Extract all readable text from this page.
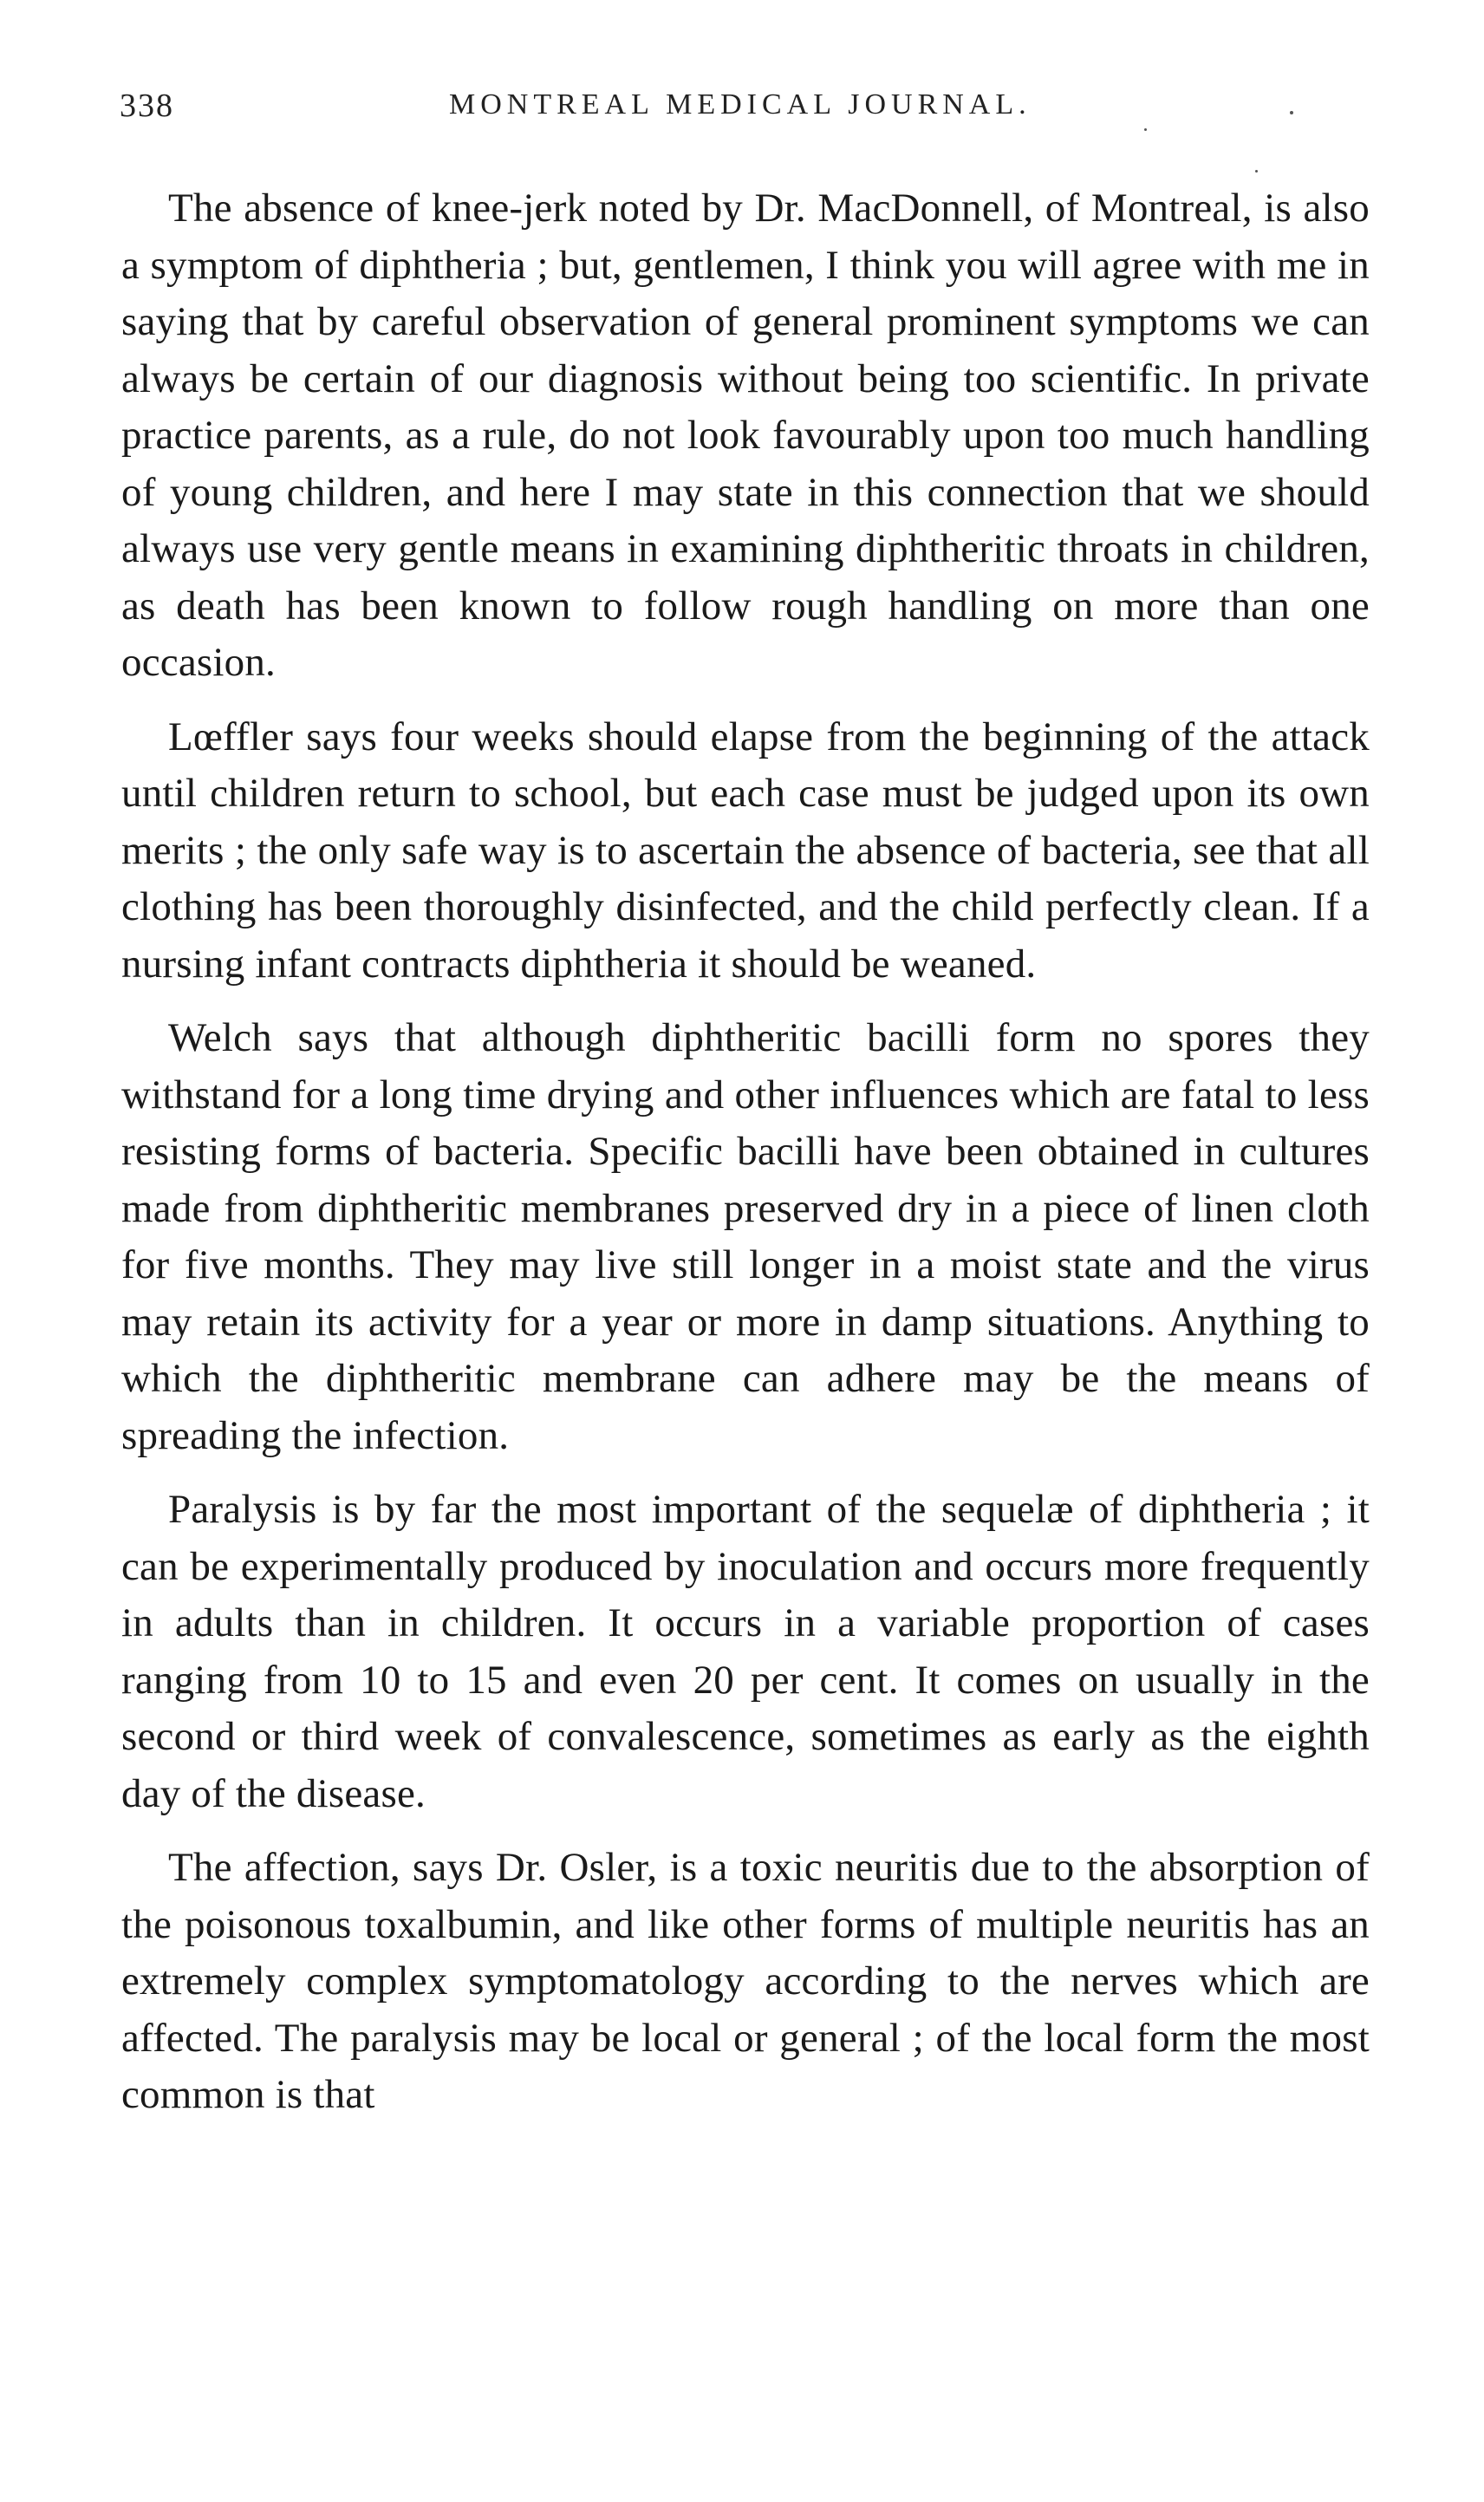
338	MONTREAL MEDICAL JOURNAL.

The absence of knee-jerk noted by Dr. MacDonnell, of Montreal, is also a symptom of diphtheria ; but, gentlemen, I think you will agree with me in saying that by careful observation of general prominent symptoms we can always be certain of our diagnosis without being too scientific. In private practice parents, as a rule, do not look favourably upon too much handling of young children, and here I may state in this connection that we should always use very gentle means in examining diphtheritic throats in children, as death has been known to follow rough handling on more than one occasion.

Lœffler says four weeks should elapse from the beginning of the attack until children return to school, but each case must be judged upon its own merits ; the only safe way is to ascertain the absence of bacteria, see that all clothing has been thoroughly disinfected, and the child perfectly clean. If a nursing infant contracts diphtheria it should be weaned.

Welch says that although diphtheritic bacilli form no spores they withstand for a long time drying and other influences which are fatal to less resisting forms of bacteria. Specific bacilli have been obtained in cultures made from diphtheritic membranes preserved dry in a piece of linen cloth for five months. They may live still longer in a moist state and the virus may retain its activity for a year or more in damp situations. Anything to which the diphtheritic membrane can adhere may be the means of spreading the infection.

Paralysis is by far the most important of the sequelæ of diphtheria ; it can be experimentally produced by inoculation and occurs more frequently in adults than in children. It occurs in a variable proportion of cases ranging from 10 to 15 and even 20 per cent. It comes on usually in the second or third week of convalescence, sometimes as early as the eighth day of the disease.

The affection, says Dr. Osler, is a toxic neuritis due to the absorption of the poisonous toxalbumin, and like other forms of multiple neuritis has an extremely complex symptomatology according to the nerves which are affected. The paralysis may be local or general ; of the local form the most common is that
